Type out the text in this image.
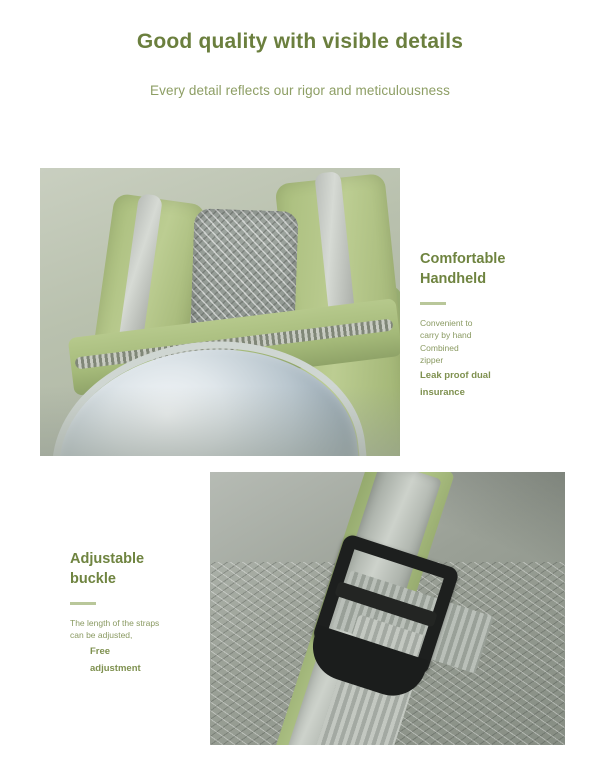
Good quality with visible details

Every detail reflects our rigor and meticulousness

Comfortable
Handheld

Convenient to

carry by hand

Combined

zipper

Leak proof dual

insurance

Adjustable
buckle

The length of the straps

can be adjusted,

Free

adjustment
